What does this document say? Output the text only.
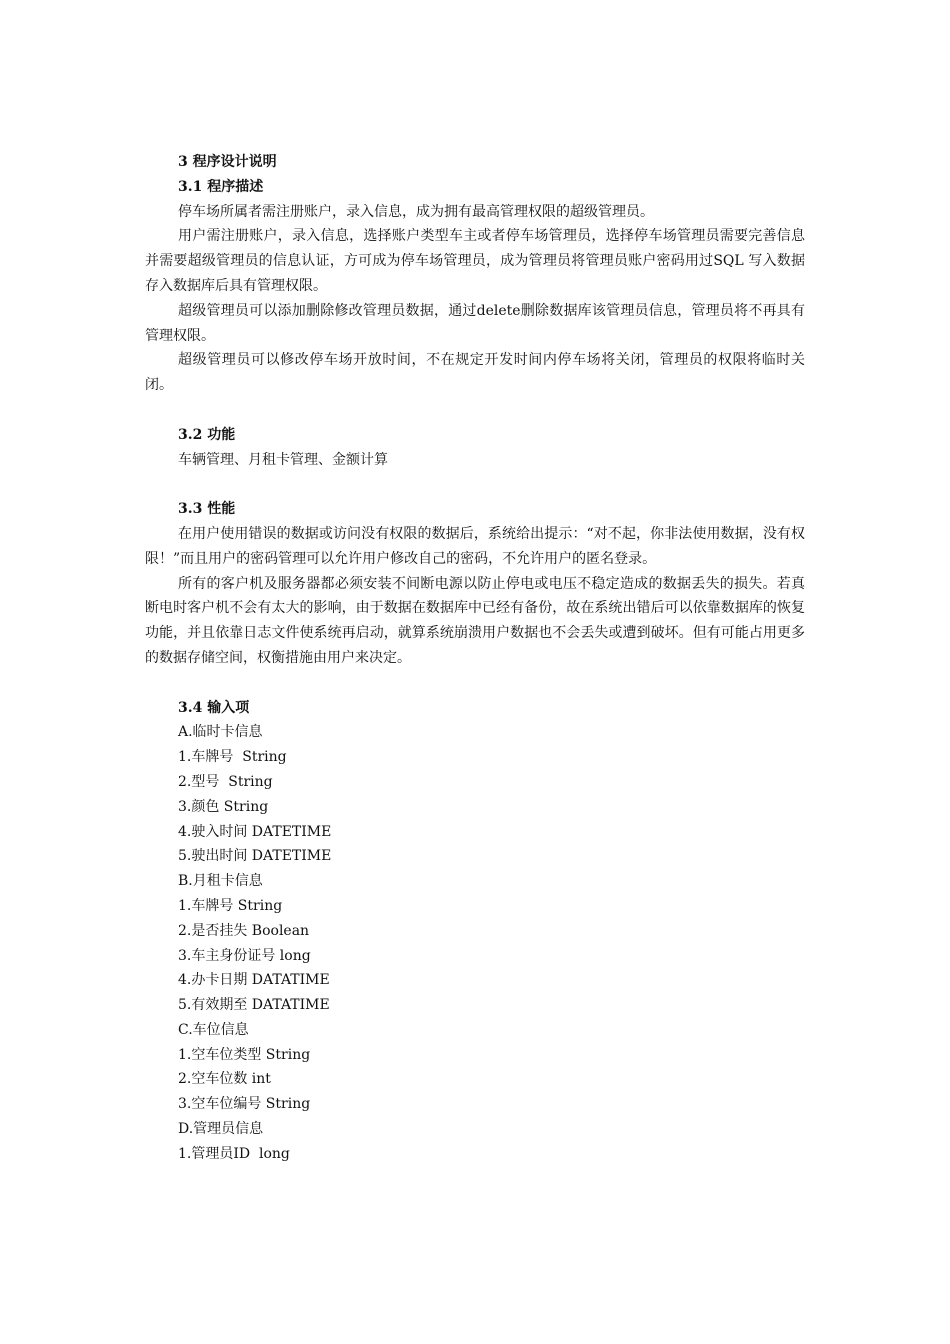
3 程序设计说明

3.1 程序描述

停车场所属者需注册账户，录入信息，成为拥有最高管理权限的超级管理员。

用户需注册账户，录入信息，选择账户类型车主或者停车场管理员，选择停车场管理员需要完善信息并需要超级管理员的信息认证，方可成为停车场管理员，成为管理员将管理员账户密码用过SQL 写入数据存入数据库后具有管理权限。

超级管理员可以添加删除修改管理员数据，通过delete删除数据库该管理员信息，管理员将不再具有管理权限。

超级管理员可以修改停车场开放时间，不在规定开发时间内停车场将关闭，管理员的权限将临时关闭。

3.2 功能

车辆管理、月租卡管理、金额计算

3.3 性能

在用户使用错误的数据或访问没有权限的数据后，系统给出提示：“对不起，你非法使用数据，没有权限！”而且用户的密码管理可以允许用户修改自己的密码，不允许用户的匿名登录。

所有的客户机及服务器都必须安装不间断电源以防止停电或电压不稳定造成的数据丢失的损失。若真断电时客户机不会有太大的影响，由于数据在数据库中已经有备份，故在系统出错后可以依靠数据库的恢复功能，并且依靠日志文件使系统再启动，就算系统崩溃用户数据也不会丢失或遭到破坏。但有可能占用更多的数据存储空间，权衡措施由用户来决定。

3.4 输入项

A.临时卡信息

1.车牌号  String

2.型号  String

3.颜色 String

4.驶入时间 DATETIME

5.驶出时间 DATETIME

B.月租卡信息

1.车牌号 String

2.是否挂失 Boolean

3.车主身份证号 long

4.办卡日期 DATATIME

5.有效期至 DATATIME

C.车位信息

1.空车位类型 String

2.空车位数 int

3.空车位编号 String

D.管理员信息

1.管理员ID  long
